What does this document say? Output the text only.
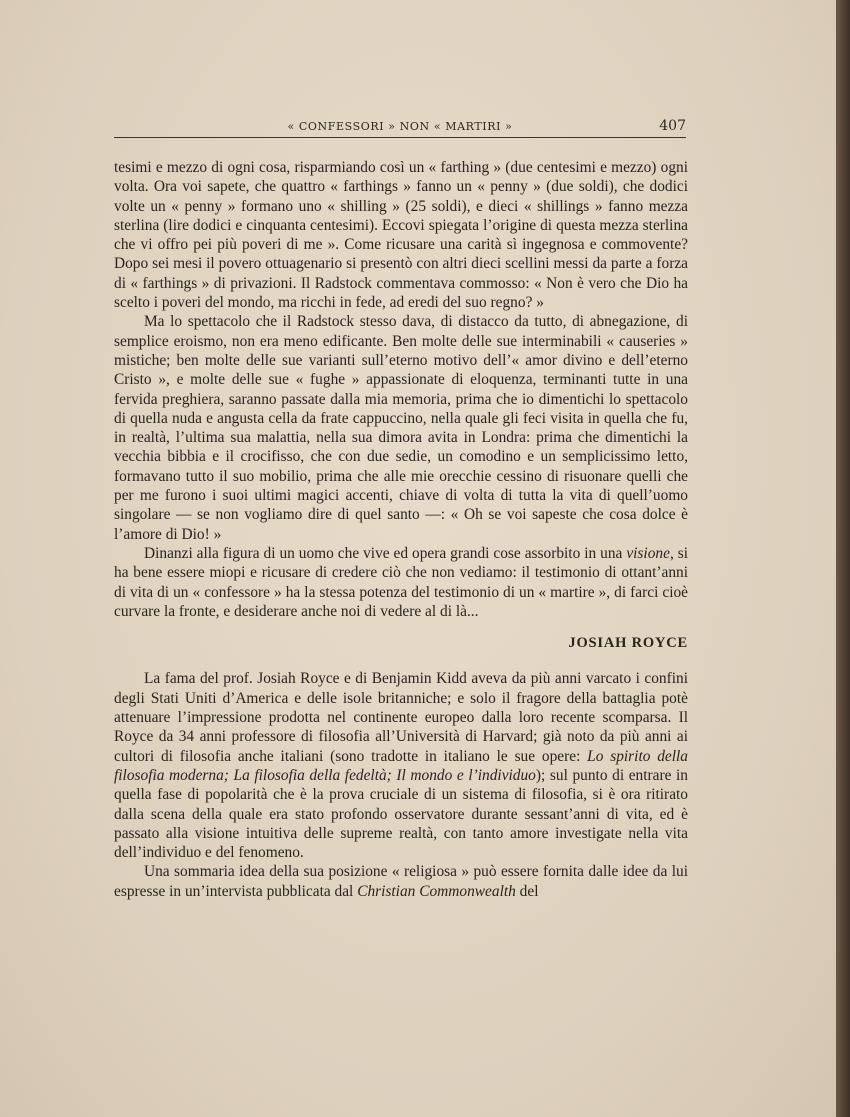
« CONFESSORI » NON « MARTIRI »	407

tesimi e mezzo di ogni cosa, risparmiando così un « farthing » (due centesimi e mezzo) ogni volta. Ora voi sapete, che quattro « farthings » fanno un « penny » (due soldi), che dodici volte un « penny » formano uno « shilling » (25 soldi), e dieci « shillings » fanno mezza sterlina (lire dodici e cinquanta centesimi). Eccovi spiegata l’origine di questa mezza sterlina che vi offro pei più poveri di me ». Come ricusare una carità sì ingegnosa e commovente? Dopo sei mesi il povero ottuagenario si presentò con altri dieci scellini messi da parte a forza di « farthings » di privazioni. Il Radstock commentava commosso: « Non è vero che Dio ha scelto i poveri del mondo, ma ricchi in fede, ad eredi del suo regno? »

Ma lo spettacolo che il Radstock stesso dava, di distacco da tutto, di abnegazione, di semplice eroismo, non era meno edificante. Ben molte delle sue interminabili « causeries » mistiche; ben molte delle sue varianti sull’eterno motivo dell’« amor divino e dell’eterno Cristo », e molte delle sue « fughe » appassionate di eloquenza, terminanti tutte in una fervida preghiera, saranno passate dalla mia memoria, prima che io dimentichi lo spettacolo di quella nuda e angusta cella da frate cappuccino, nella quale gli feci visita in quella che fu, in realtà, l’ultima sua malattia, nella sua dimora avita in Londra: prima che dimentichi la vecchia bibbia e il crocifisso, che con due sedie, un comodino e un semplicissimo letto, formavano tutto il suo mobilio, prima che alle mie orecchie cessino di risuonare quelli che per me furono i suoi ultimi magici accenti, chiave di volta di tutta la vita di quell’uomo singolare — se non vogliamo dire di quel santo —: « Oh se voi sapeste che cosa dolce è l’amore di Dio! »

Dinanzi alla figura di un uomo che vive ed opera grandi cose assorbito in una visione, si ha bene essere miopi e ricusare di credere ciò che non vediamo: il testimonio di ottant’anni di vita di un « confessore » ha la stessa potenza del testimonio di un « martire », di farci cioè curvare la fronte, e desiderare anche noi di vedere al di là...

JOSIAH ROYCE

La fama del prof. Josiah Royce e di Benjamin Kidd aveva da più anni varcato i confini degli Stati Uniti d’America e delle isole britanniche; e solo il fragore della battaglia potè attenuare l’impressione prodotta nel continente europeo dalla loro recente scomparsa. Il Royce da 34 anni professore di filosofia all’Università di Harvard; già noto da più anni ai cultori di filosofia anche italiani (sono tradotte in italiano le sue opere: Lo spirito della filosofia moderna; La filosofia della fedeltà; Il mondo e l’individuo); sul punto di entrare in quella fase di popolarità che è la prova cruciale di un sistema di filosofia, si è ora ritirato dalla scena della quale era stato profondo osservatore durante sessant’anni di vita, ed è passato alla visione intuitiva delle supreme realtà, con tanto amore investigate nella vita dell’individuo e del fenomeno.

Una sommaria idea della sua posizione « religiosa » può essere fornita dalle idee da lui espresse in un’intervista pubblicata dal Christian Commonwealth del
